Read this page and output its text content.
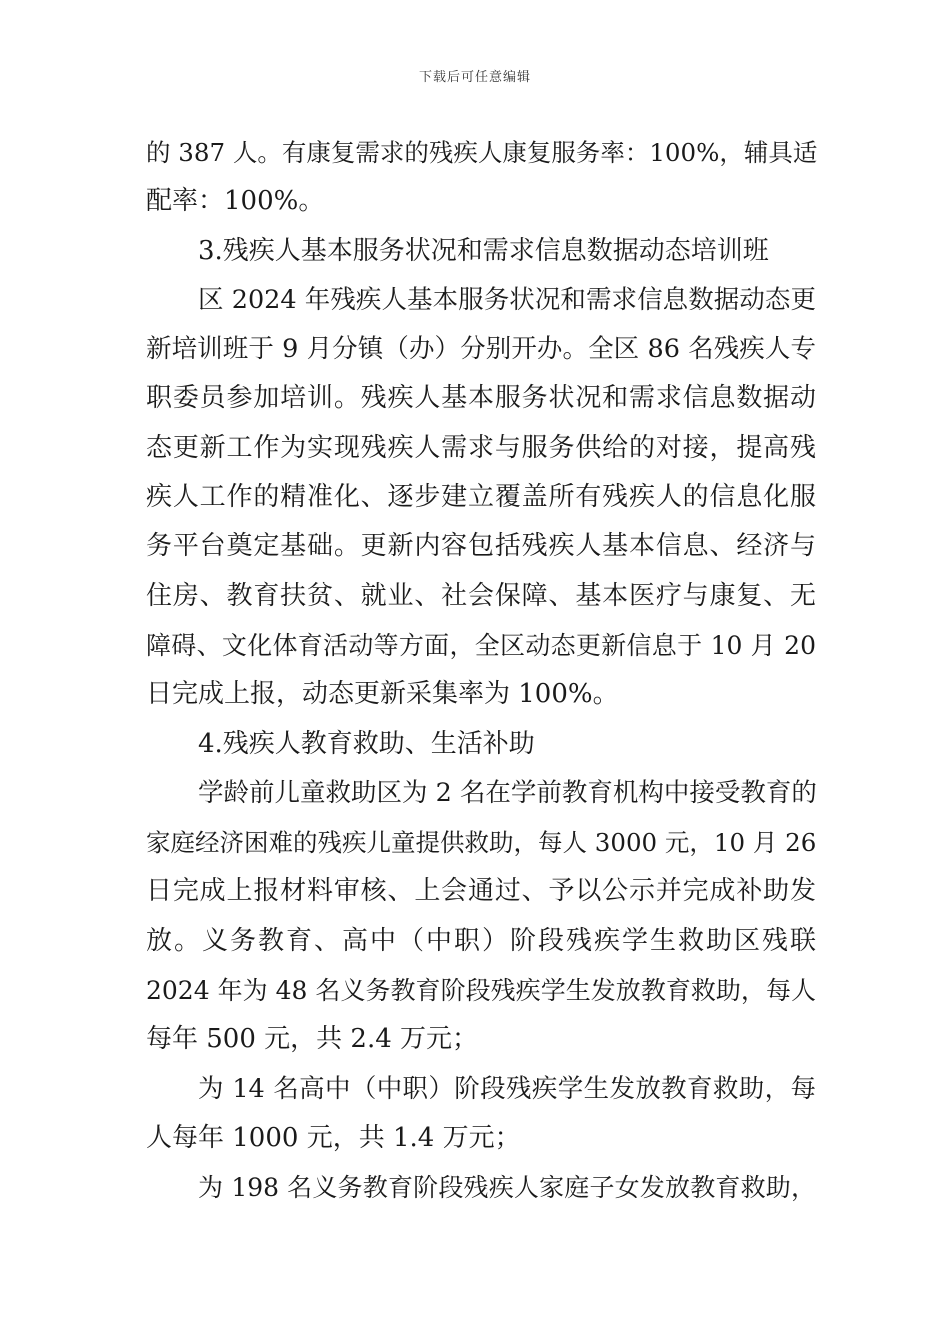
下载后可任意编辑
的 387 人。有康复需求的残疾人康复服务率：100%，辅具适
配率：100%。
3.残疾人基本服务状况和需求信息数据动态培训班
区 2024 年残疾人基本服务状况和需求信息数据动态更
新培训班于 9 月分镇（办）分别开办。全区 86 名残疾人专
职委员参加培训。残疾人基本服务状况和需求信息数据动
态更新工作为实现残疾人需求与服务供给的对接，提高残
疾人工作的精准化、逐步建立覆盖所有残疾人的信息化服
务平台奠定基础。更新内容包括残疾人基本信息、经济与
住房、教育扶贫、就业、社会保障、基本医疗与康复、无
障碍、文化体育活动等方面，全区动态更新信息于 10 月 20
日完成上报，动态更新采集率为 100%。
4.残疾人教育救助、生活补助
学龄前儿童救助区为 2 名在学前教育机构中接受教育的
家庭经济困难的残疾儿童提供救助，每人 3000 元，10 月 26
日完成上报材料审核、上会通过、予以公示并完成补助发
放。义务教育、高中（中职）阶段残疾学生救助区残联
2024 年为 48 名义务教育阶段残疾学生发放教育救助，每人
每年 500 元，共 2.4 万元；
为 14 名高中（中职）阶段残疾学生发放教育救助，每
人每年 1000 元，共 1.4 万元；
为 198 名义务教育阶段残疾人家庭子女发放教育救助，
